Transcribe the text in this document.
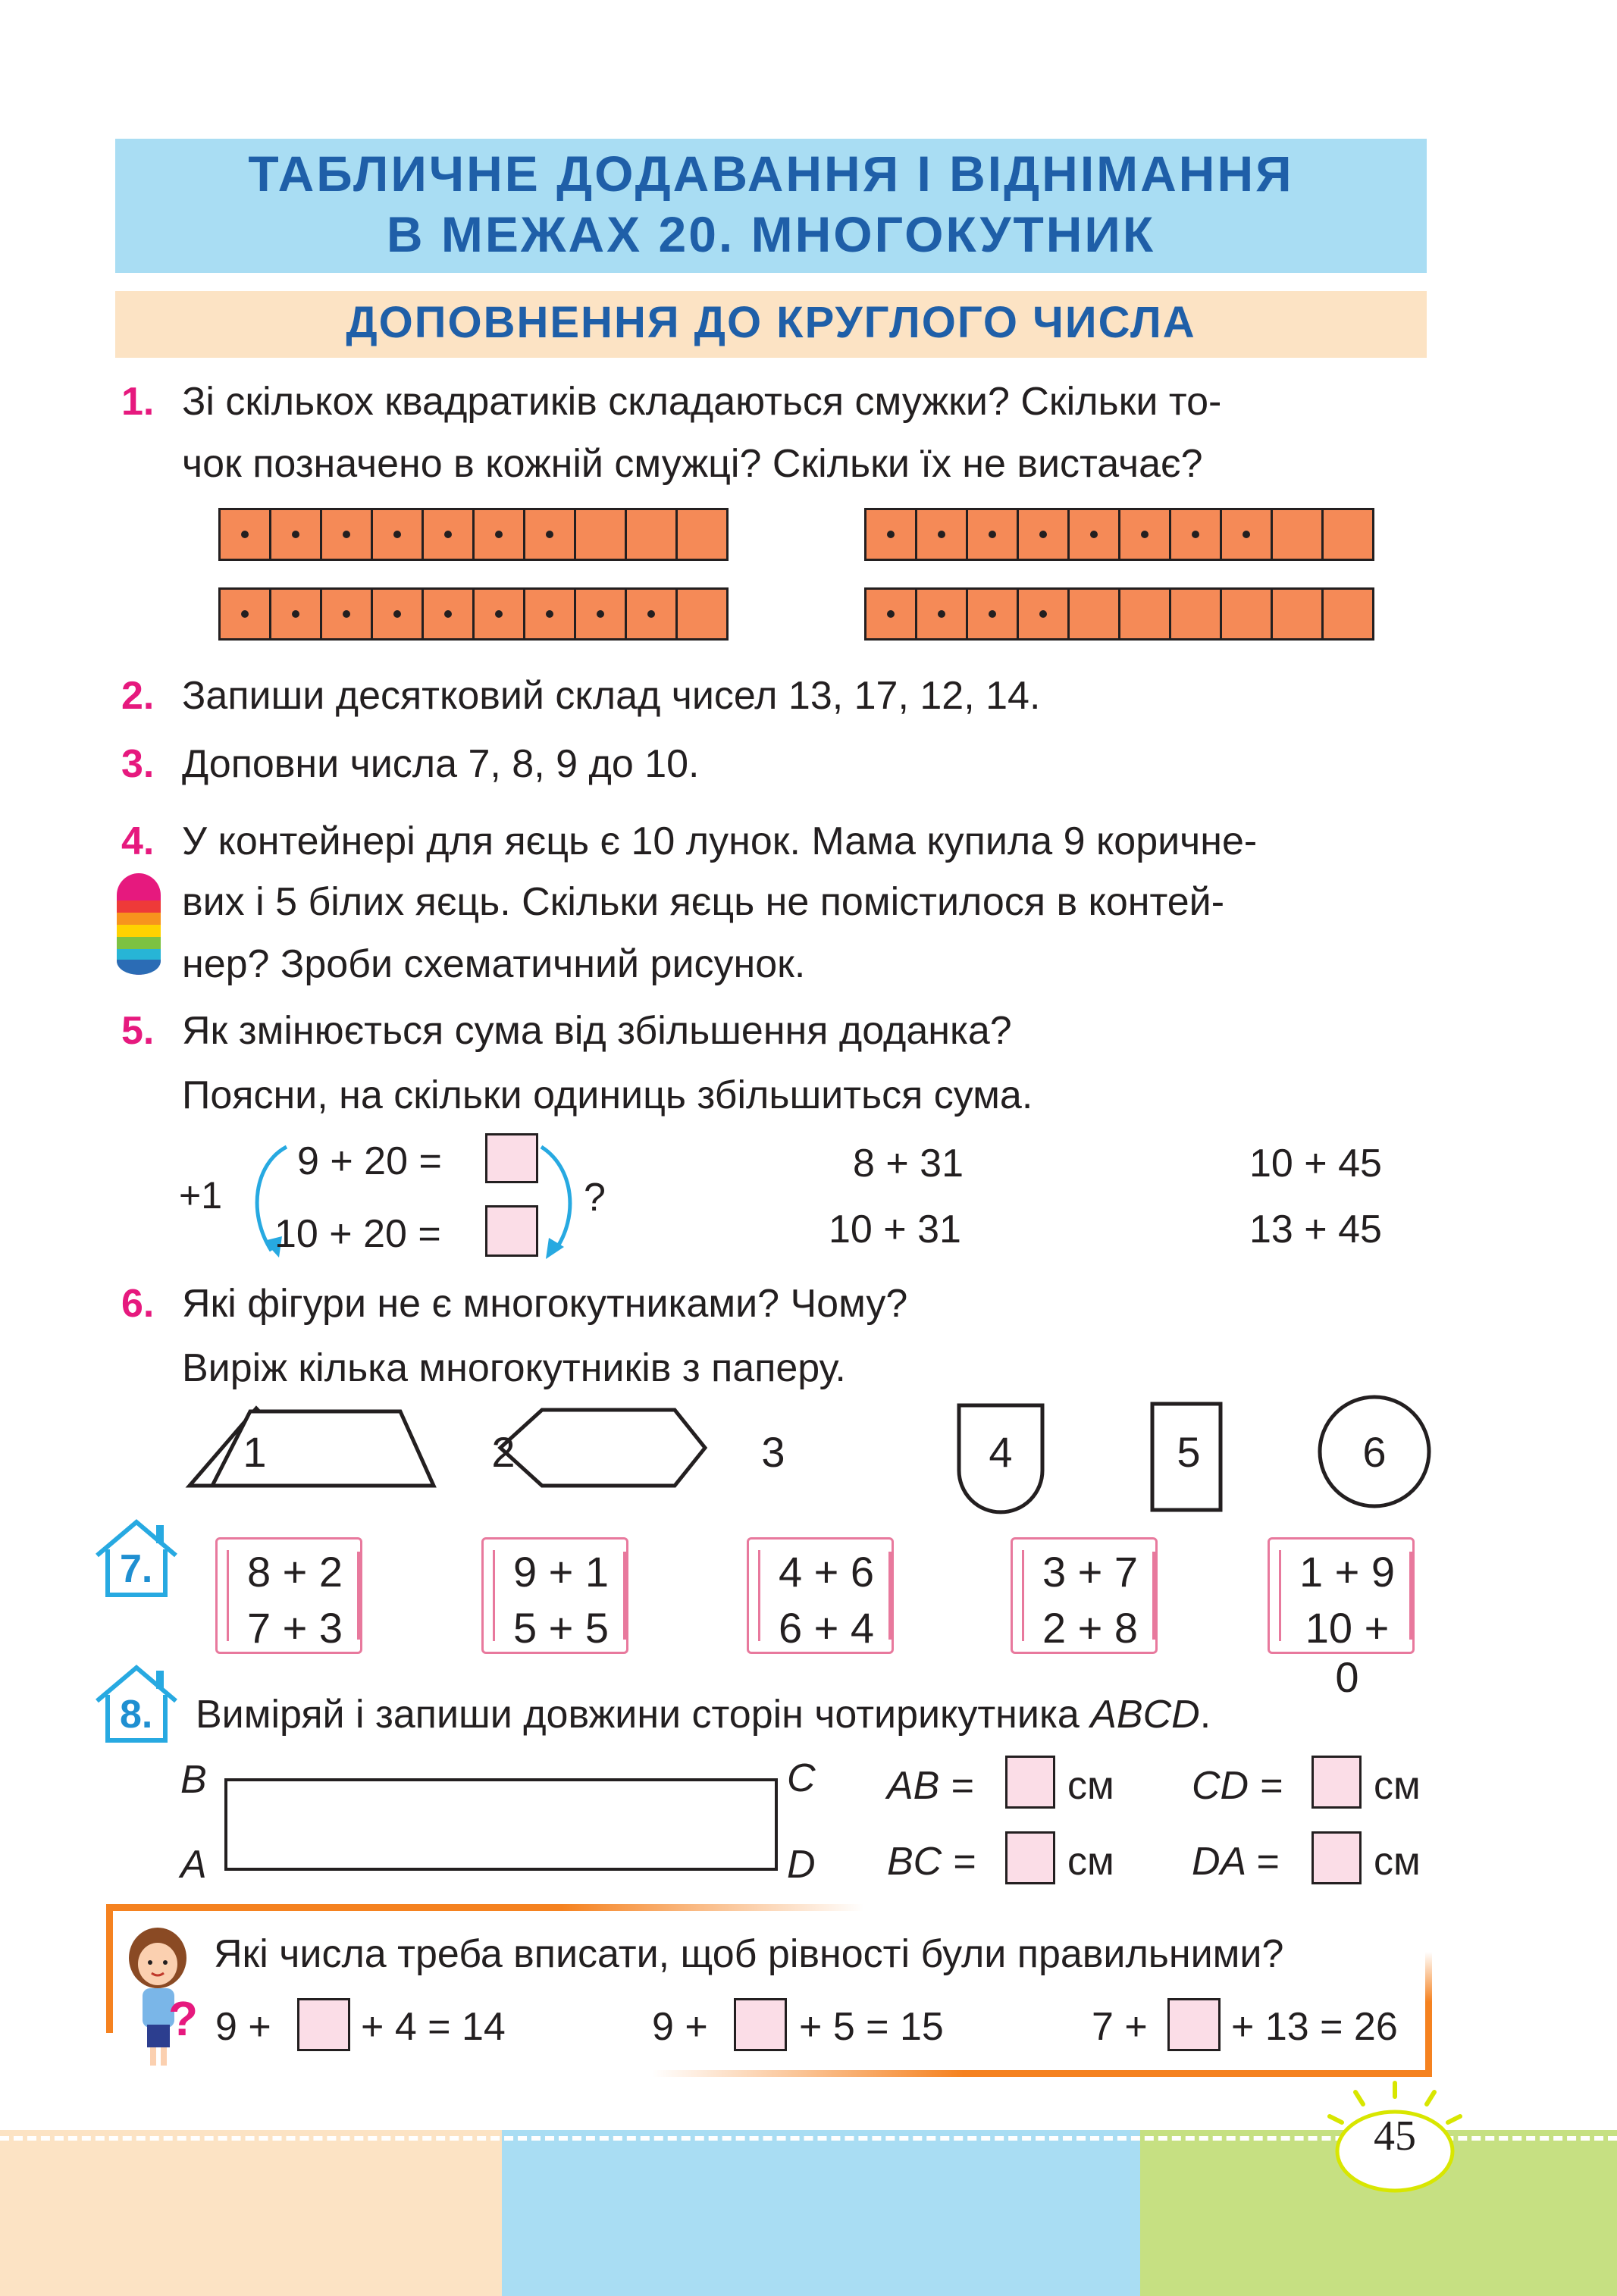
ТАБЛИЧНЕ ДОДАВАННЯ І ВІДНІМАННЯ
В МЕЖАХ 20. МНОГОКУТНИК
ДОПОВНЕННЯ ДО КРУГЛОГО ЧИСЛА
1. Зі скількох квадратиків складаються смужки? Скільки то-
чок позначено в кожній смужці? Скільки їх не вистачає?
2. Запиши десятковий склад чисел 13, 17, 12, 14.
3. Доповни числа 7, 8, 9 до 10.
4. У контейнері для яєць є 10 лунок. Мама купила 9 коричне-
вих і 5 білих яєць. Скільки яєць не помістилося в контей-
нер? Зроби схематичний рисунок.
5. Як змінюється сума від збільшення доданка?
Поясни, на скільки одиниць збільшиться сума.
+1
9 + 20 =
10 + 20 =
?
8 + 31
10 + 31
10 + 45
13 + 45
6. Які фігури не є многокутниками? Чому?
Виріж кілька многокутників з паперу.
1	2	3	4	5	6
7. 8 + 2
7 + 3
9 + 1
5 + 5
4 + 6
6 + 4
3 + 7
2 + 8
1 + 9
10 + 0
8. Виміряй і запиши довжини сторін чотирикутника ABCD.
B
A
C
D
AB = см CD = см
BC = см DA = см
?
Які числа треба вписати, щоб рівності були правильними?
9 + + 4 = 14	9 + + 5 = 15	7 + + 13 = 26
45
